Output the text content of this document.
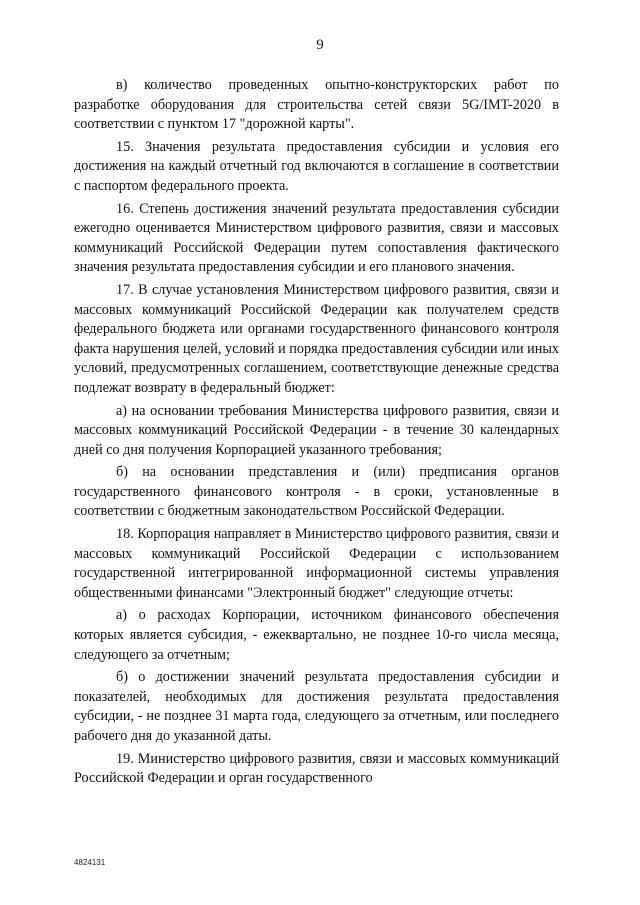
9

в) количество проведенных опытно-конструкторских работ по разработке оборудования для строительства сетей связи 5G/IMT-2020 в соответствии с пунктом 17 "дорожной карты".

15. Значения результата предоставления субсидии и условия его достижения на каждый отчетный год включаются в соглашение в соответствии с паспортом федерального проекта.

16. Степень достижения значений результата предоставления субсидии ежегодно оценивается Министерством цифрового развития, связи и массовых коммуникаций Российской Федерации путем сопоставления фактического значения результата предоставления субсидии и его планового значения.

17. В случае установления Министерством цифрового развития, связи и массовых коммуникаций Российской Федерации как получателем средств федерального бюджета или органами государственного финансового контроля факта нарушения целей, условий и порядка предоставления субсидии или иных условий, предусмотренных соглашением, соответствующие денежные средства подлежат возврату в федеральный бюджет:

а) на основании требования Министерства цифрового развития, связи и массовых коммуникаций Российской Федерации - в течение 30 календарных дней со дня получения Корпорацией указанного требования;

б) на основании представления и (или) предписания органов государственного финансового контроля - в сроки, установленные в соответствии с бюджетным законодательством Российской Федерации.

18. Корпорация направляет в Министерство цифрового развития, связи и массовых коммуникаций Российской Федерации с использованием государственной интегрированной информационной системы управления общественными финансами "Электронный бюджет" следующие отчеты:

а) о расходах Корпорации, источником финансового обеспечения которых является субсидия, - ежеквартально, не позднее 10-го числа месяца, следующего за отчетным;

б) о достижении значений результата предоставления субсидии и показателей, необходимых для достижения результата предоставления субсидии, - не позднее 31 марта года, следующего за отчетным, или последнего рабочего дня до указанной даты.

19. Министерство цифрового развития, связи и массовых коммуникаций Российской Федерации и орган государственного

4824131
